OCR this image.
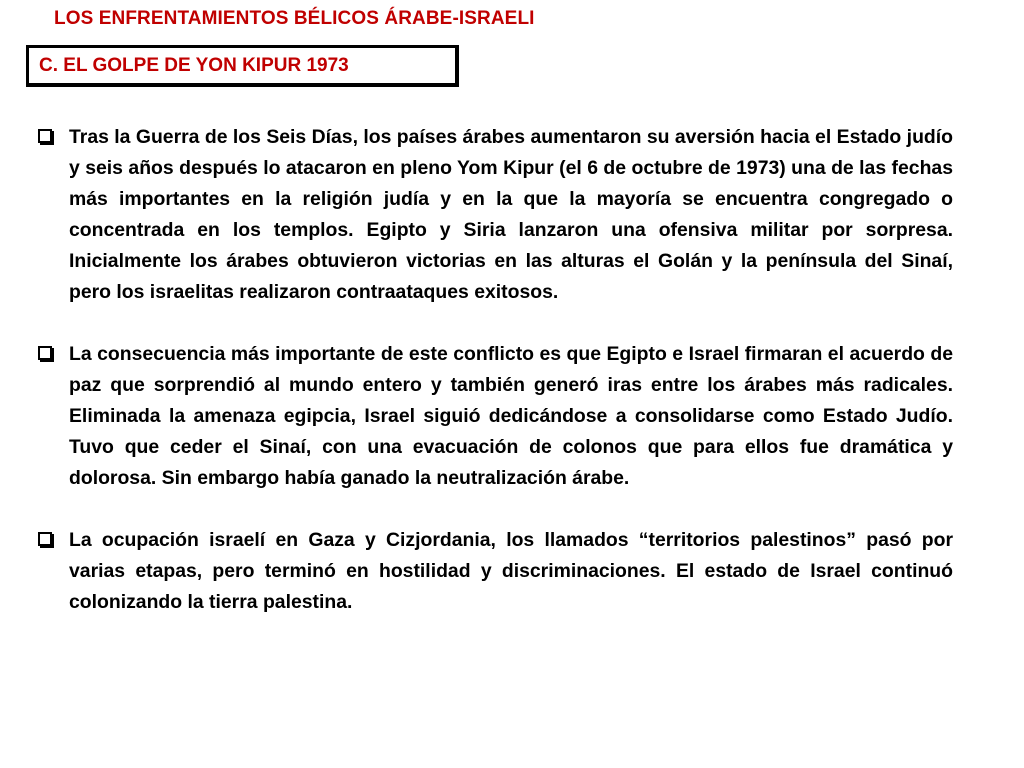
LOS ENFRENTAMIENTOS BÉLICOS ÁRABE-ISRAELI
C. EL GOLPE DE YON KIPUR 1973
Tras la Guerra de los Seis Días, los países árabes aumentaron su aversión hacia el Estado judío y seis años después lo atacaron en pleno Yom Kipur (el 6 de octubre de 1973) una de las fechas más importantes en la religión judía y en la que la mayoría se encuentra congregado o concentrada en los templos. Egipto y Siria lanzaron una ofensiva militar por sorpresa. Inicialmente los árabes obtuvieron victorias en las alturas el Golán y la península del Sinaí, pero los israelitas realizaron contraataques exitosos.
La consecuencia más importante de este conflicto es que Egipto e Israel firmaran el acuerdo de paz que sorprendió al mundo entero y también generó iras entre los árabes más radicales. Eliminada la amenaza egipcia, Israel siguió dedicándose a consolidarse como Estado Judío. Tuvo que ceder el Sinaí, con una evacuación de colonos que para ellos fue dramática y dolorosa. Sin embargo había ganado la neutralización árabe.
La ocupación israelí en Gaza y Cizjordania, los llamados “territorios palestinos” pasó por varias etapas, pero terminó en hostilidad y discriminaciones. El estado de Israel continuó colonizando la tierra palestina.
